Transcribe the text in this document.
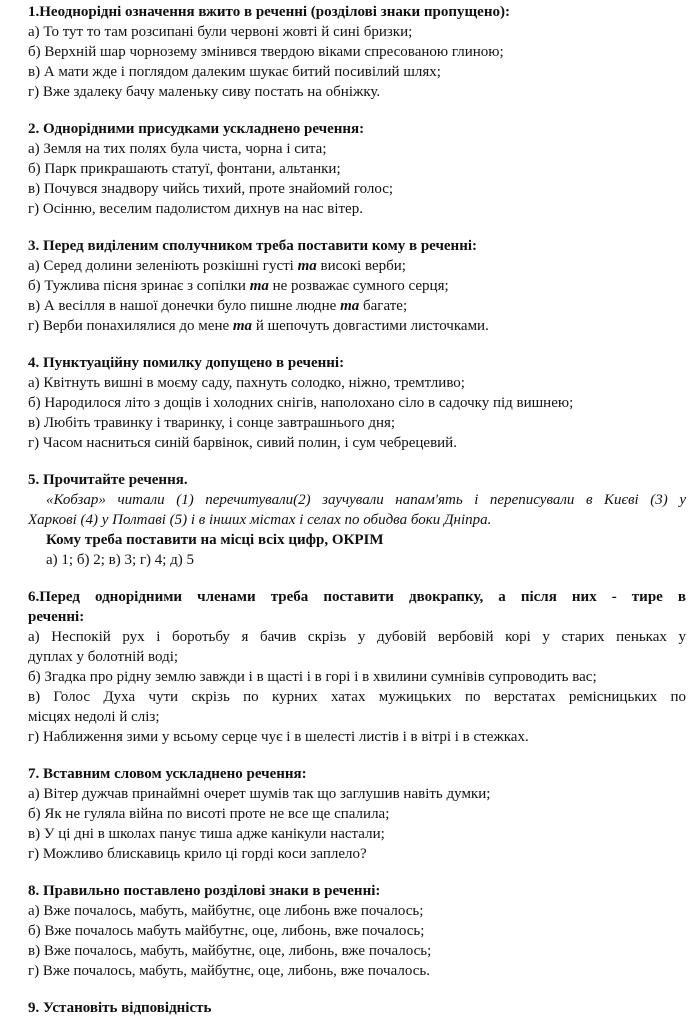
1.Неоднорідні означення вжито в реченні (розділові знаки пропущено):
а) То тут то там розсипані були червоні жовті й сині бризки;
б) Верхній шар чорнозему змінився твердою віками спресованою глиною;
в) А мати жде і поглядом далеким шукає битий посивілий шлях;
г) Вже здалеку бачу маленьку сиву постать на обніжку.
2. Однорідними присудками ускладнено речення:
а) Земля на тих полях була чиста, чорна і сита;
б) Парк прикрашають статуї, фонтани, альтанки;
в) Почувся знадвору чийсь тихий, проте знайомий голос;
г) Осінню, веселим падолистом дихнув на нас вітер.
3. Перед виділеним сполучником треба поставити кому в реченні:
а) Серед долини зеленіють розкішні густі та високі верби;
б) Тужлива пісня зринає з сопілки та не розважає сумного серця;
в) А весілля в нашої донечки було пишне людне та багате;
г) Верби понахилялися до мене та й шепочуть довгастими листочками.
4. Пунктуаційну помилку допущено в реченні:
а) Квітнуть вишні в моєму саду, пахнуть солодко, ніжно, тремтливо;
б) Народилося літо з дощів і холодних снігів, наполохано сіло в садочку під вишнею;
в) Любіть травинку і тваринку, і сонце завтрашнього дня;
г) Часом насниться синій барвінок, сивий полин, і сум чебрецевий.
5. Прочитайте речення.
«Кобзар» читали (1) перечитували(2) заучували напам'ять і переписували в Києві (3) у
Харкові (4) у Полтаві (5) і в інших містах і селах по обидва боки Дніпра.
Кому треба поставити на місці всіх цифр, ОКРІМ
а) 1; б) 2; в) 3; г) 4; д) 5
6.Перед однорідними членами треба поставити двокрапку, а після них - тире в
реченні:
а) Неспокій рух і боротьбу я бачив скрізь у дубовій вербовій корі у старих пеньках у
дуплах у болотній воді;
б) Згадка про рідну землю завжди і в щасті і в горі і в хвилини сумнівів супроводить вас;
в) Голос Духа чути скрізь по курних хатах мужицьких по верстатах ремісницьких по
місцях недолі й сліз;
г) Наближення зими у всьому серце чує і в шелесті листів і в вітрі і в стежках.
7. Вставним словом ускладнено речення:
а) Вітер дужчав принаймні очерет шумів так що заглушив навіть думки;
б) Як не гуляла війна по висоті проте не все ще спалила;
в) У ці дні в школах панує тиша адже канікули настали;
г) Можливо блискавиць крило ці горді коси заплело?
8. Правильно поставлено розділові знаки в реченні:
а) Вже почалось, мабуть, майбутнє, оце либонь вже почалось;
б) Вже почалось мабуть майбутнє, оце, либонь, вже почалось;
в) Вже почалось, мабуть, майбутнє, оце, либонь, вже почалось;
г) Вже почалось, мабуть, майбутнє, оце, либонь, вже почалось.
9. Установіть відповідність
